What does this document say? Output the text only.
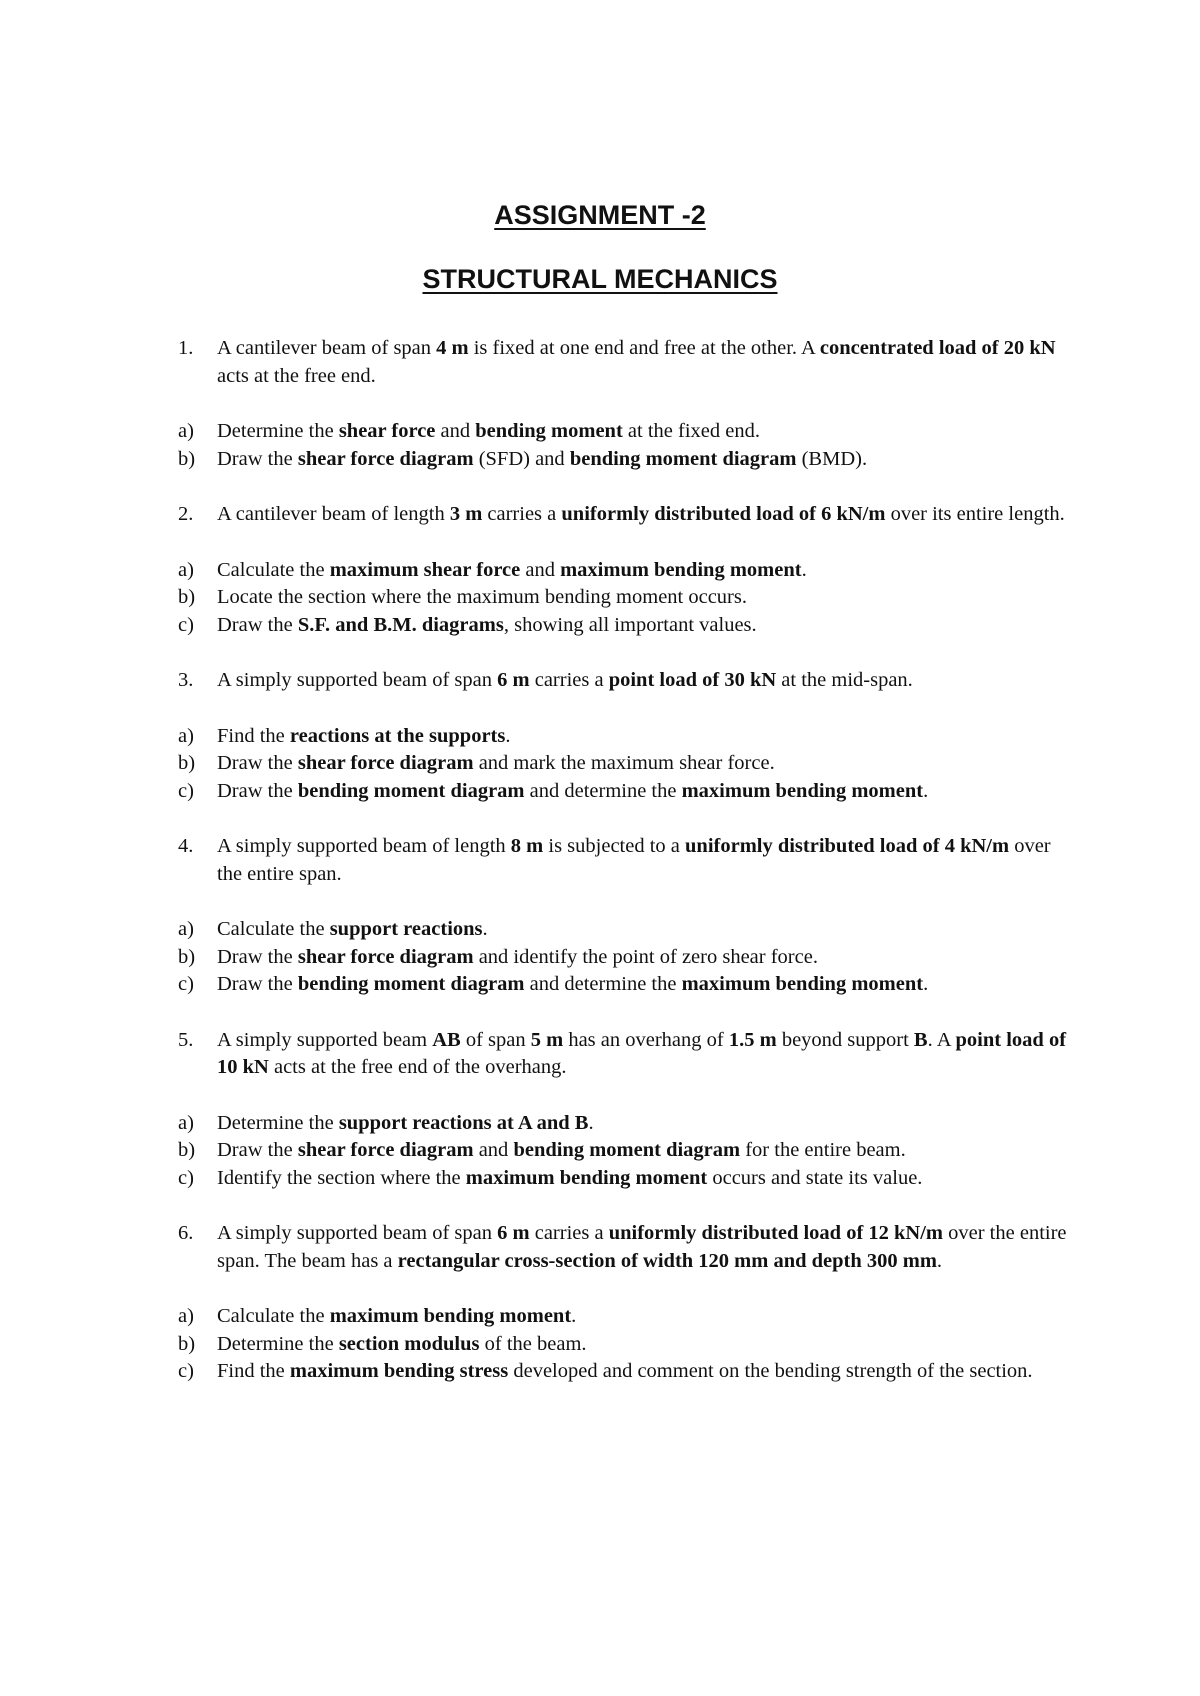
ASSIGNMENT -2
STRUCTURAL MECHANICS
1.	A cantilever beam of span 4 m is fixed at one end and free at the other. A concentrated load of 20 kN acts at the free end.
a)	Determine the shear force and bending moment at the fixed end.
b)	Draw the shear force diagram (SFD) and bending moment diagram (BMD).
2.	A cantilever beam of length 3 m carries a uniformly distributed load of 6 kN/m over its entire length.
a)	Calculate the maximum shear force and maximum bending moment.
b)	Locate the section where the maximum bending moment occurs.
c)	Draw the S.F. and B.M. diagrams, showing all important values.
3.	A simply supported beam of span 6 m carries a point load of 30 kN at the mid-span.
a)	Find the reactions at the supports.
b)	Draw the shear force diagram and mark the maximum shear force.
c)	Draw the bending moment diagram and determine the maximum bending moment.
4.	A simply supported beam of length 8 m is subjected to a uniformly distributed load of 4 kN/m over the entire span.
a)	Calculate the support reactions.
b)	Draw the shear force diagram and identify the point of zero shear force.
c)	Draw the bending moment diagram and determine the maximum bending moment.
5.	A simply supported beam AB of span 5 m has an overhang of 1.5 m beyond support B. A point load of 10 kN acts at the free end of the overhang.
a)	Determine the support reactions at A and B.
b)	Draw the shear force diagram and bending moment diagram for the entire beam.
c)	Identify the section where the maximum bending moment occurs and state its value.
6.	A simply supported beam of span 6 m carries a uniformly distributed load of 12 kN/m over the entire span. The beam has a rectangular cross-section of width 120 mm and depth 300 mm.
a)	Calculate the maximum bending moment.
b)	Determine the section modulus of the beam.
c)	Find the maximum bending stress developed and comment on the bending strength of the section.
